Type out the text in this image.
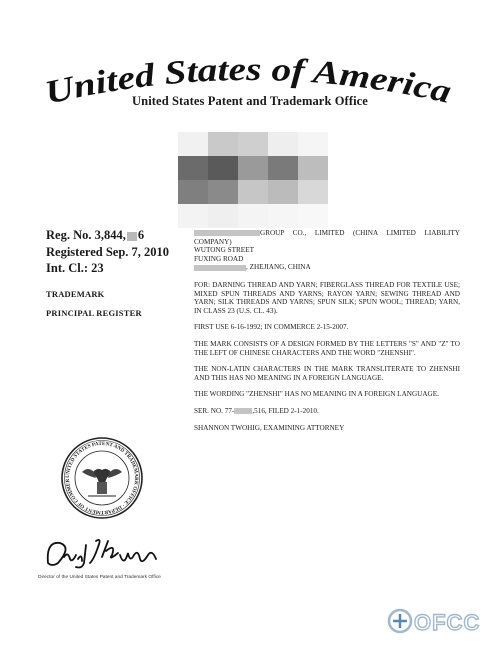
United States of America
United States Patent and Trademark Office
Reg. No. 3,844, 6
Registered Sep. 7, 2010
Int. Cl.: 23
TRADEMARK
PRINCIPAL REGISTER

GROUP CO., LIMITED (CHINA LIMITED LIABILITY COMPANY)

WUTONG STREET

FUXING ROAD

, ZHEJIANG, CHINA

FOR: DARNING THREAD AND YARN; FIBERGLASS THREAD FOR TEXTILE USE; MIXED SPUN THREADS AND YARNS; RAYON YARN; SEWING THREAD AND YARN; SILK THREADS AND YARNS; SPUN SILK; SPUN WOOL; THREAD; YARN, IN CLASS 23 (U.S. CL. 43).

FIRST USE 6-16-1992; IN COMMERCE 2-15-2007.

THE MARK CONSISTS OF A DESIGN FORMED BY THE LETTERS "S" AND "Z" TO THE LEFT OF CHINESE CHARACTERS AND THE WORD "ZHENSHI".

THE NON-LATIN CHARACTERS IN THE MARK TRANSLITERATE TO ZHENSHI AND THIS HAS NO MEANING IN A FOREIGN LANGUAGE.

THE WORDING "ZHENSHI" HAS NO MEANING IN A FOREIGN LANGUAGE.

SER. NO. 77-	,516, FILED 2-1-2010.

SHANNON TWOHIG, EXAMINING ATTORNEY

UNITED STATES PATENT AND TRADEMARK OFFICE · DEPARTMENT OF COMMER
Director of the United States Patent and Trademark Office
OFCC
